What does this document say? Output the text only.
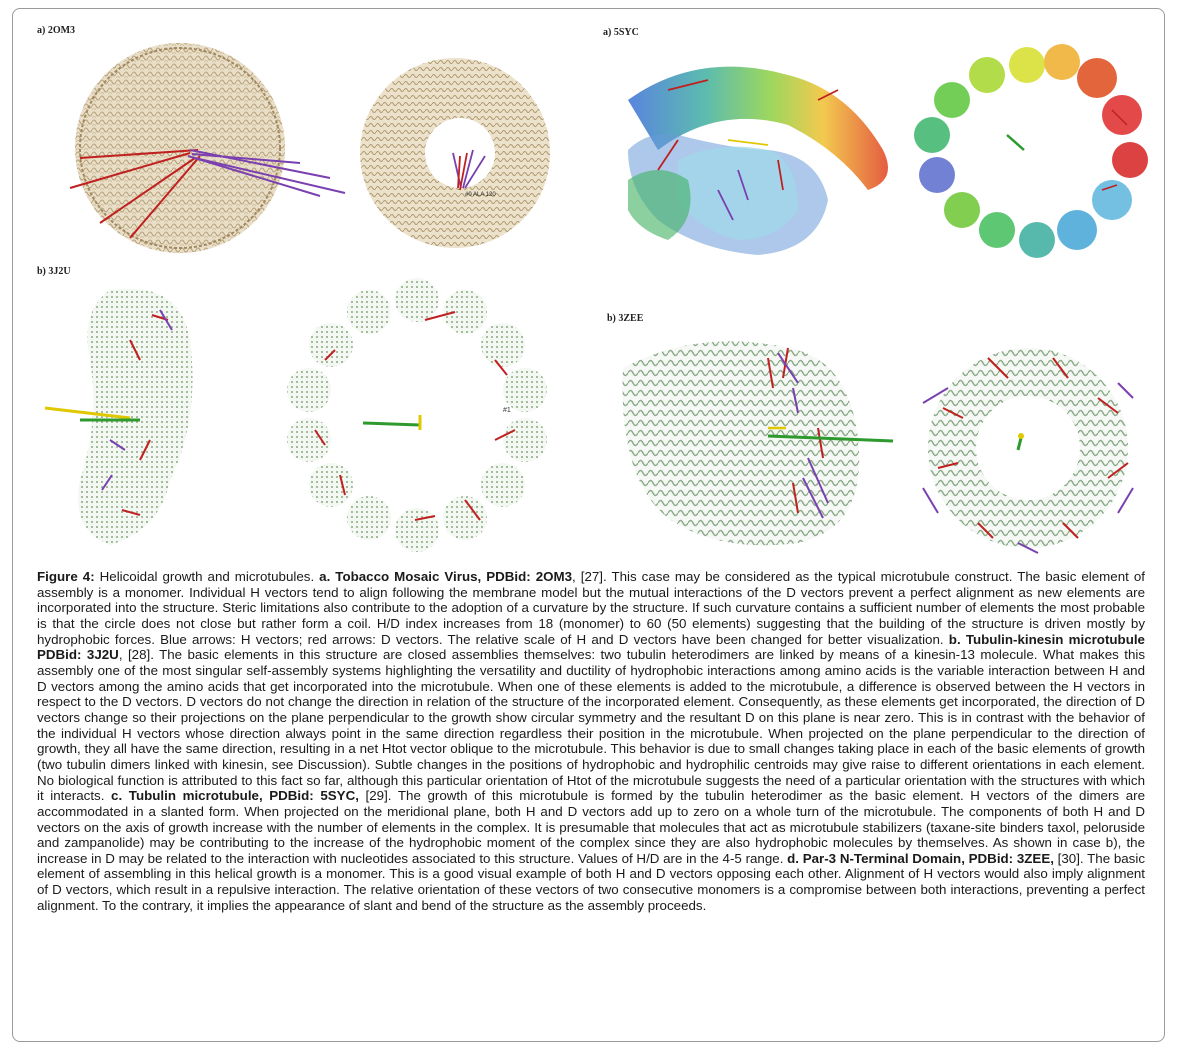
a) 2OM3	a) 5SYC
b) 3J2U
b) 3ZEE
#0 ALA 120
#1
Figure 4: Helicoidal growth and microtubules. a. Tobacco Mosaic Virus, PDBid: 2OM3, [27]. This case may be considered as the typical microtubule construct. The basic element of assembly is a monomer. Individual H vectors tend to align following the membrane model but the mutual interactions of the D vectors prevent a perfect alignment as new elements are incorporated into the structure. Steric limitations also contribute to the adoption of a curvature by the structure. If such curvature contains a sufficient number of elements the most probable is that the circle does not close but rather form a coil. H/D index increases from 18 (monomer) to 60 (50 elements) suggesting that the building of the structure is driven mostly by hydrophobic forces. Blue arrows: H vectors; red arrows: D vectors. The relative scale of H and D vectors have been changed for better visualization. b. Tubulin-kinesin microtubule PDBid: 3J2U, [28]. The basic elements in this structure are closed assemblies themselves: two tubulin heterodimers are linked by means of a kinesin-13 molecule. What makes this assembly one of the most singular self-assembly systems highlighting the versatility and ductility of hydrophobic interactions among amino acids is the variable interaction between H and D vectors among the amino acids that get incorporated into the microtubule. When one of these elements is added to the microtubule, a difference is observed between the H vectors in respect to the D vectors. D vectors do not change the direction in relation of the structure of the incorporated element. Consequently, as these elements get incorporated, the direction of D vectors change so their projections on the plane perpendicular to the growth show circular symmetry and the resultant D on this plane is near zero. This is in contrast with the behavior of the individual H vectors whose direction always point in the same direction regardless their position in the microtubule. When projected on the plane perpendicular to the direction of growth, they all have the same direction, resulting in a net Htot vector oblique to the microtubule. This behavior is due to small changes taking place in each of the basic elements of growth (two tubulin dimers linked with kinesin, see Discussion). Subtle changes in the positions of hydrophobic and hydrophilic centroids may give raise to different orientations in each element. No biological function is attributed to this fact so far, although this particular orientation of Htot of the microtubule suggests the need of a particular orientation with the structures with which it interacts. c. Tubulin microtubule, PDBid: 5SYC, [29]. The growth of this microtubule is formed by the tubulin heterodimer as the basic element. H vectors of the dimers are accommodated in a slanted form. When projected on the meridional plane, both H and D vectors add up to zero on a whole turn of the microtubule. The components of both H and D vectors on the axis of growth increase with the number of elements in the complex. It is presumable that molecules that act as microtubule stabilizers (taxane-site binders taxol, peloruside and zampanolide) may be contributing to the increase of the hydrophobic moment of the complex since they are also hydrophobic molecules by themselves. As shown in case b), the increase in D may be related to the interaction with nucleotides associated to this structure. Values of H/D are in the 4-5 range. d. Par-3 N-Terminal Domain, PDBid: 3ZEE, [30]. The basic element of assembling in this helical growth is a monomer. This is a good visual example of both H and D vectors opposing each other. Alignment of H vectors would also imply alignment of D vectors, which result in a repulsive interaction. The relative orientation of these vectors of two consecutive monomers is a compromise between both interactions, preventing a perfect alignment. To the contrary, it implies the appearance of slant and bend of the structure as the assembly proceeds.
